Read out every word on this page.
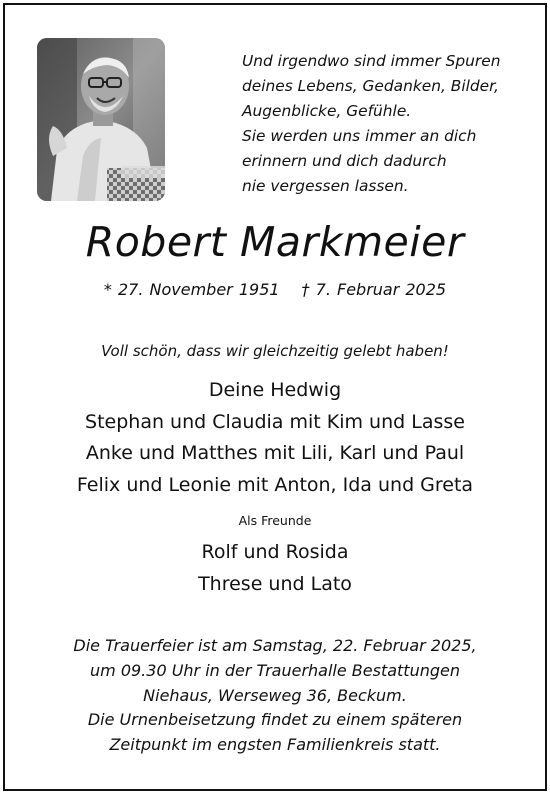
Und irgendwo sind immer Spuren
deines Lebens, Gedanken, Bilder,
Augenblicke, Gefühle.
Sie werden uns immer an dich
erinnern und dich dadurch
nie vergessen lassen.
Robert Markmeier
* 27. November 1951 † 7. Februar 2025
Voll schön, dass wir gleichzeitig gelebt haben!
Deine Hedwig
Stephan und Claudia mit Kim und Lasse
Anke und Matthes mit Lili, Karl und Paul
Felix und Leonie mit Anton, Ida und Greta
Als Freunde
Rolf und Rosida
Threse und Lato
Die Trauerfeier ist am Samstag, 22. Februar 2025,
um 09.30 Uhr in der Trauerhalle Bestattungen
Niehaus, Werseweg 36, Beckum.
Die Urnenbeisetzung findet zu einem späteren
Zeitpunkt im engsten Familienkreis statt.
